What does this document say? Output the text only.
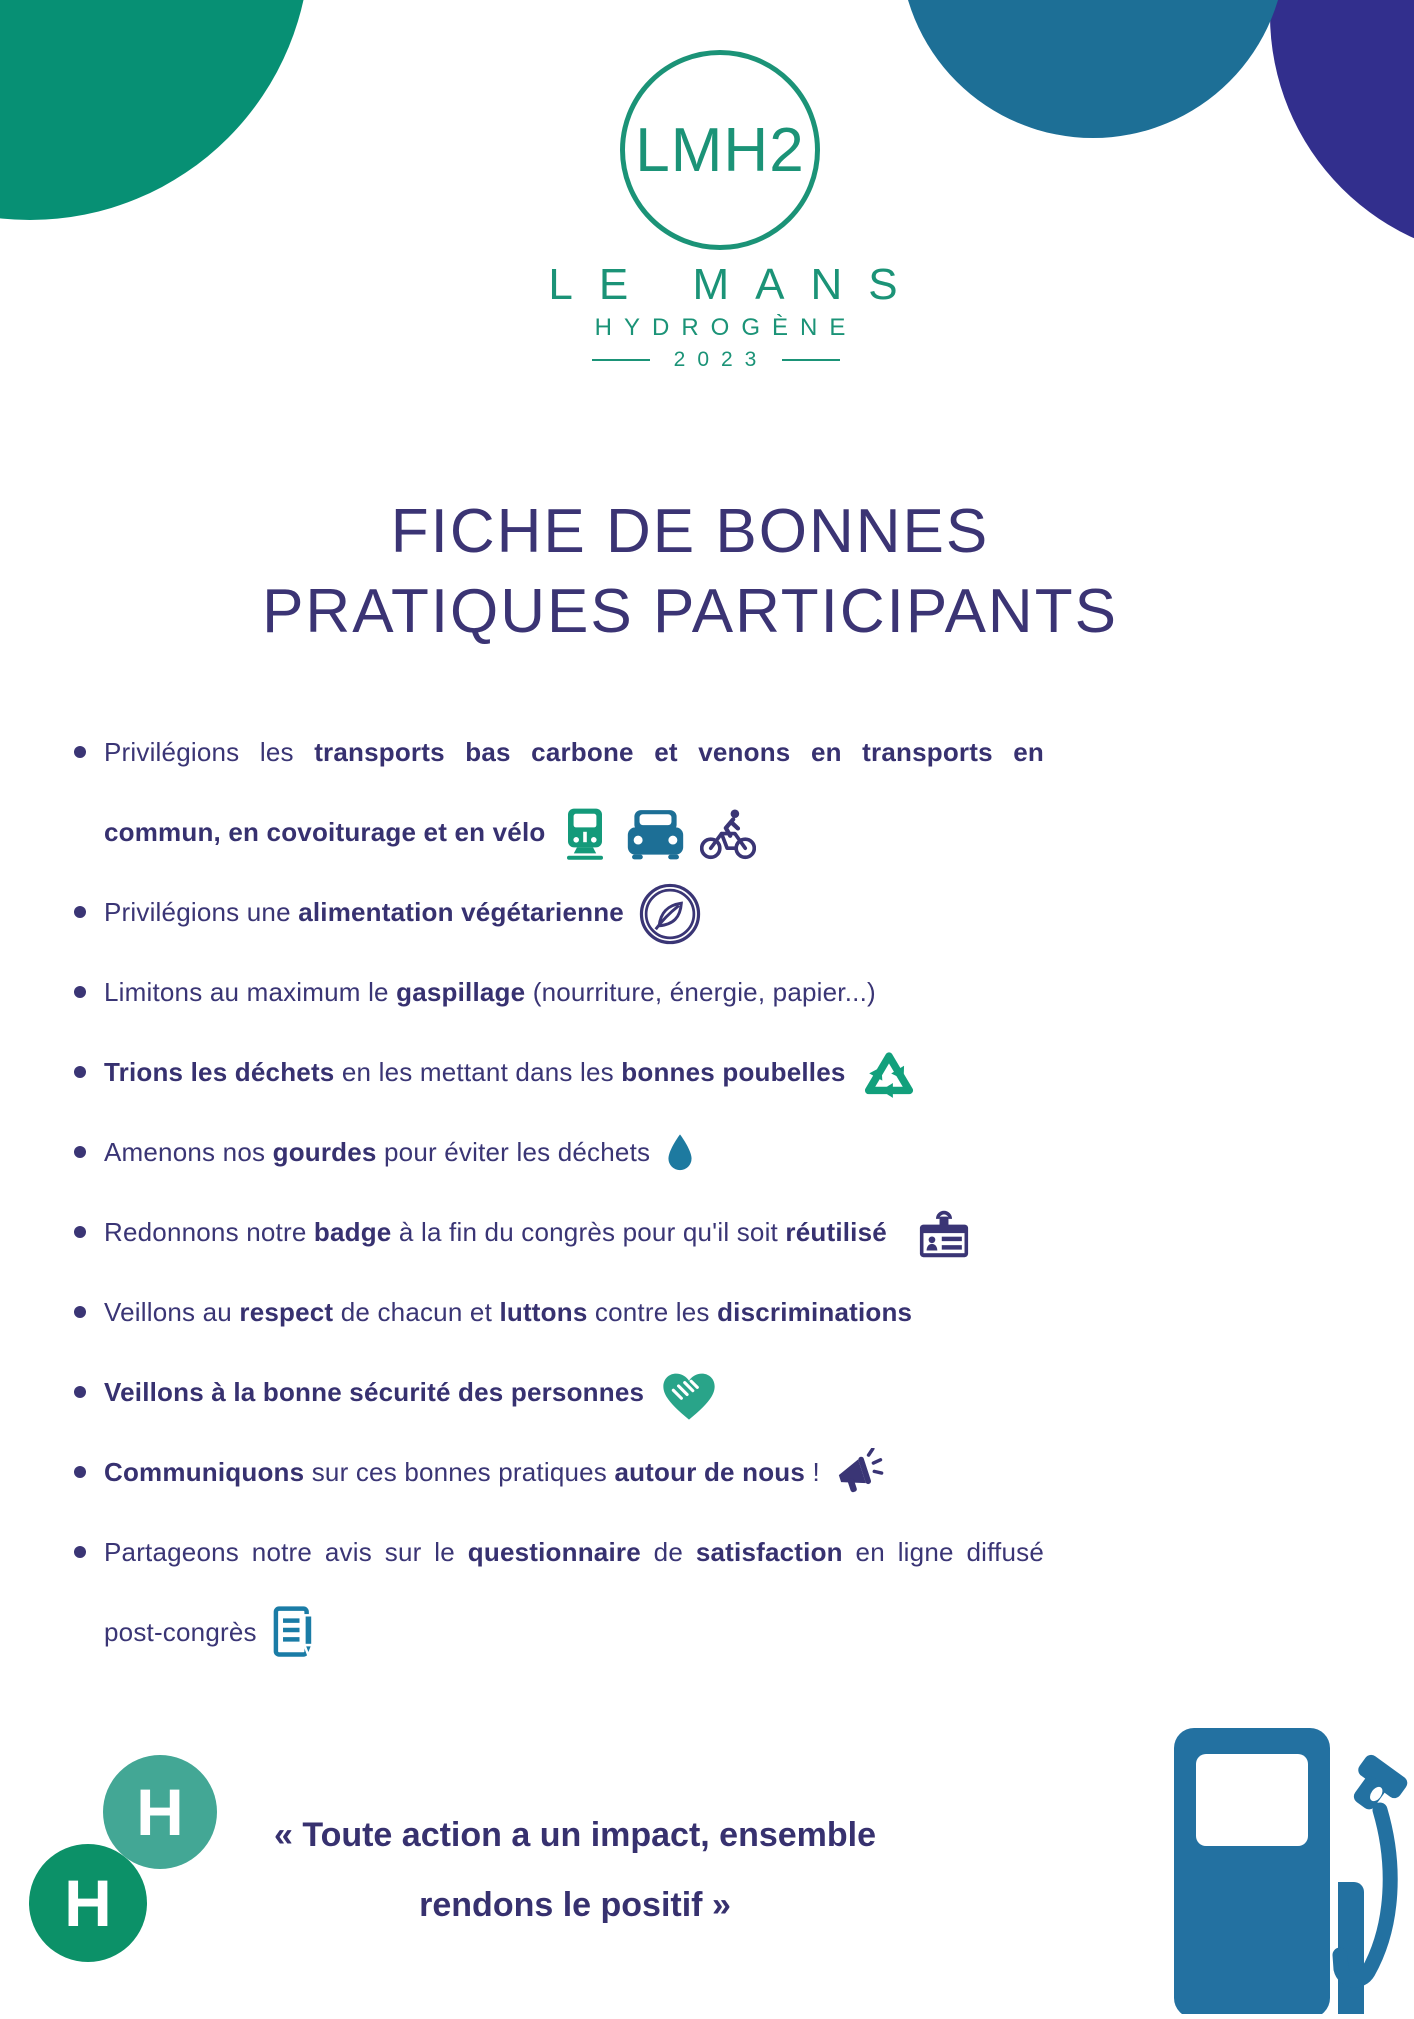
LMH2
LE MANS
HYDROGÈNE
2023
FICHE DE BONNES
PRATIQUES PARTICIPANTS
Privilégions les transports bas carbone et venons en transports en commun, en covoiturage et en vélo
Privilégions une alimentation végétarienne
Limitons au maximum le gaspillage (nourriture, énergie, papier...)
Trions les déchets en les mettant dans les bonnes poubelles
Amenons nos gourdes pour éviter les déchets
Redonnons notre badge à la fin du congrès pour qu'il soit réutilisé
Veillons au respect de chacun et luttons contre les discriminations
Veillons à la bonne sécurité des personnes
Communiquons sur ces bonnes pratiques autour de nous !
Partageons notre avis sur le questionnaire de satisfaction en ligne diffusé post-congrès
« Toute action a un impact, ensemble
rendons le positif »
H
H
